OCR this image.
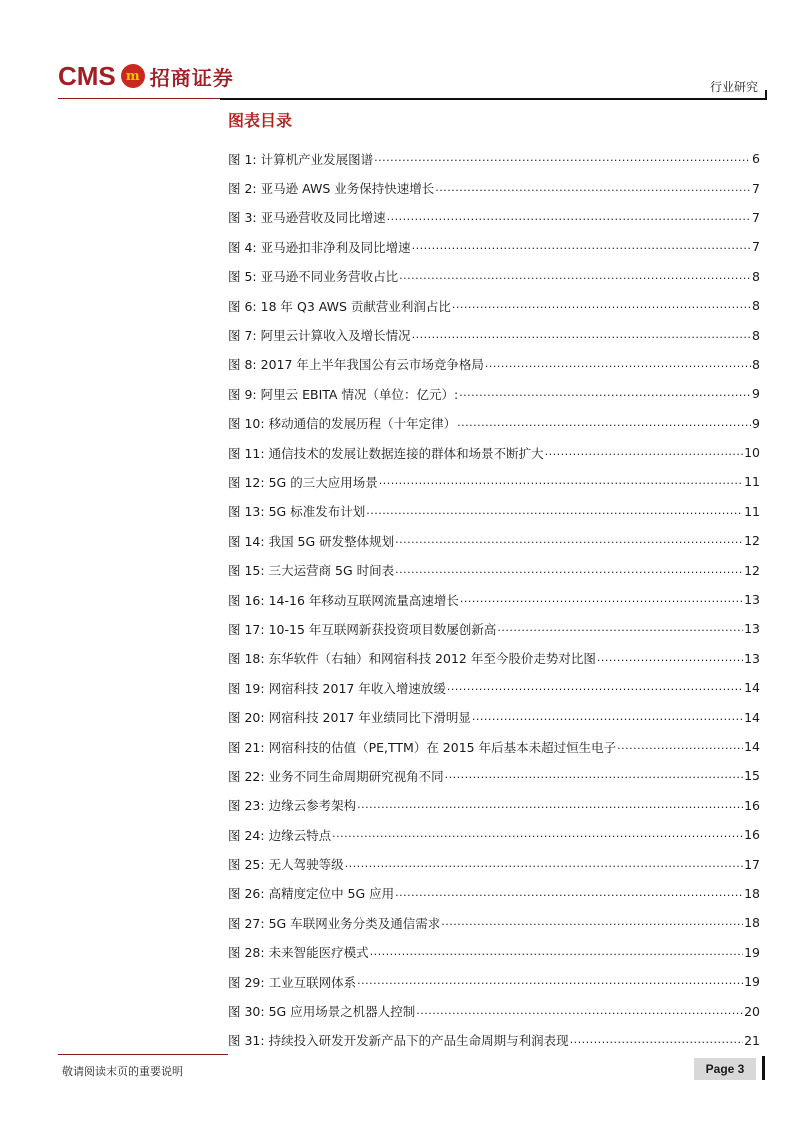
CMS m 招商证券	行业研究
图表目录
图 1: 计算机产业发展图谱 .....	6
图 2: 亚马逊 AWS 业务保持快速增长 .....	7
图 3: 亚马逊营收及同比增速 .....	7
图 4: 亚马逊扣非净利及同比增速 .....	7
图 5: 亚马逊不同业务营收占比 .....	8
图 6: 18 年 Q3 AWS 贡献营业利润占比 .....	8
图 7: 阿里云计算收入及增长情况 .....	8
图 8: 2017 年上半年我国公有云市场竞争格局 .....	8
图 9: 阿里云 EBITA 情况（单位：亿元）: .....	9
图 10: 移动通信的发展历程（十年定律） .....	9
图 11: 通信技术的发展让数据连接的群体和场景不断扩大 .....	10
图 12: 5G 的三大应用场景 .....	11
图 13: 5G 标准发布计划 .....	11
图 14: 我国 5G 研发整体规划 .....	12
图 15: 三大运营商 5G 时间表 .....	12
图 16: 14-16 年移动互联网流量高速增长 .....	13
图 17: 10-15 年互联网新获投资项目数屡创新高 .....	13
图 18: 东华软件（右轴）和网宿科技 2012 年至今股价走势对比图 .....	13
图 19: 网宿科技 2017 年收入增速放缓 .....	14
图 20: 网宿科技 2017 年业绩同比下滑明显 .....	14
图 21: 网宿科技的估值（PE,TTM）在 2015 年后基本未超过恒生电子 .....	14
图 22: 业务不同生命周期研究视角不同 .....	15
图 23: 边缘云参考架构 .....	16
图 24: 边缘云特点 .....	16
图 25: 无人驾驶等级 .....	17
图 26: 高精度定位中 5G 应用 .....	18
图 27: 5G 车联网业务分类及通信需求 .....	18
图 28: 未来智能医疗模式 .....	19
图 29: 工业互联网体系 .....	19
图 30: 5G 应用场景之机器人控制 .....	20
图 31: 持续投入研发开发新产品下的产品生命周期与利润表现 .....	21
敬请阅读末页的重要说明	Page 3
